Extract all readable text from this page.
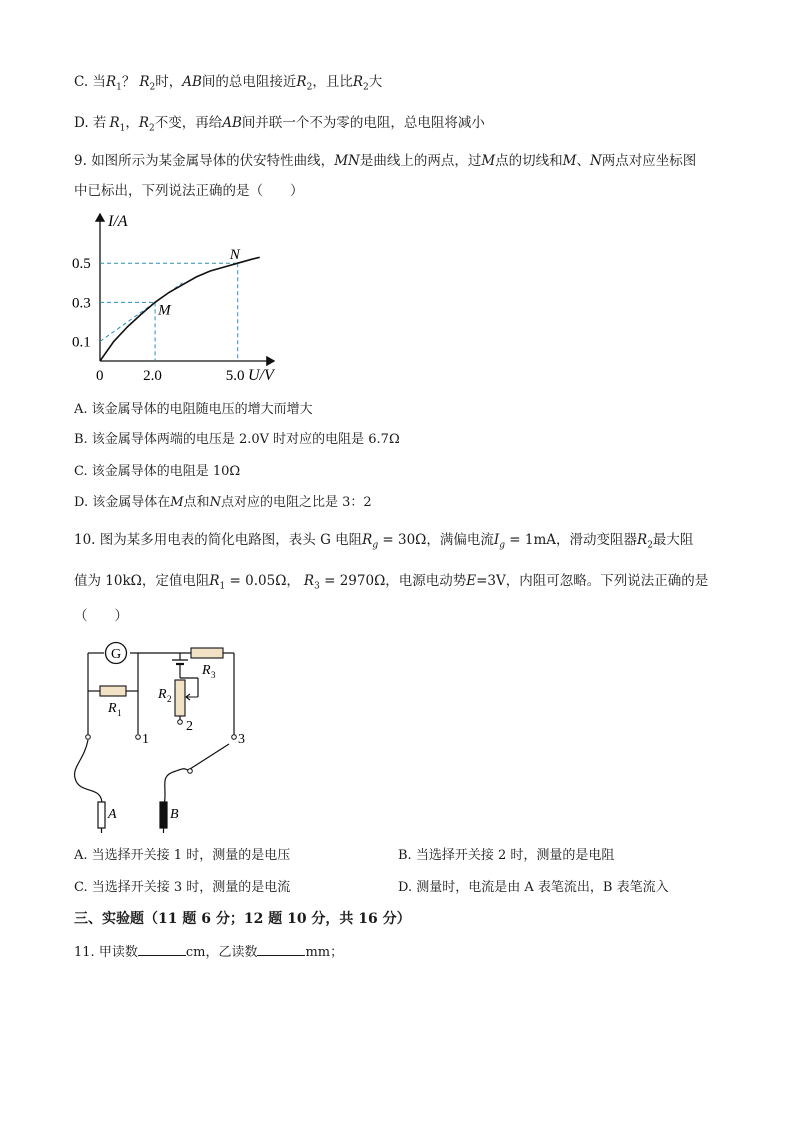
C. 当$R_1$？ $R_2$时，AB间的总电阻接近$R_2$，且比$R_2$大
D. 若 $R_1$，$R_2$不变，再给AB间并联一个不为零的电阻，总电阻将减小
9. 如图所示为某金属导体的伏安特性曲线，MN是曲线上的两点，过M点的切线和M、N两点对应坐标图
中已标出，下列说法正确的是（　　）
I/A
U/V
0
0.5
0.3
0.1
2.0	5.0
M
N
A. 该金属导体的电阻随电压的增大而增大
B. 该金属导体两端的电压是 2.0V 时对应的电阻是 6.7Ω
C. 该金属导体的电阻是 10Ω
D. 该金属导体在M点和N点对应的电阻之比是 3：2
10. 图为某多用电表的简化电路图，表头 G 电阻$R_g = 30\Omega$，满偏电流$I_g = 1mA$，滑动变阻器$R_2$最大阻
值为 10kΩ，定值电阻$R_1 = 0.05\Omega$， $R_3 = 2970\Omega$，电源电动势E=3V，内阻可忽略。下列说法正确的是
（　　）
G
R 1
R 3
R 2
2
1	3
A	B
A. 当选择开关接 1 时，测量的是电压	B. 当选择开关接 2 时，测量的是电阻
C. 当选择开关接 3 时，测量的是电流	D. 测量时，电流是由 A 表笔流出，B 表笔流入
三、实验题（11 题 6 分；12 题 10 分，共 16 分）
11. 甲读数	cm，乙读数	mm；
